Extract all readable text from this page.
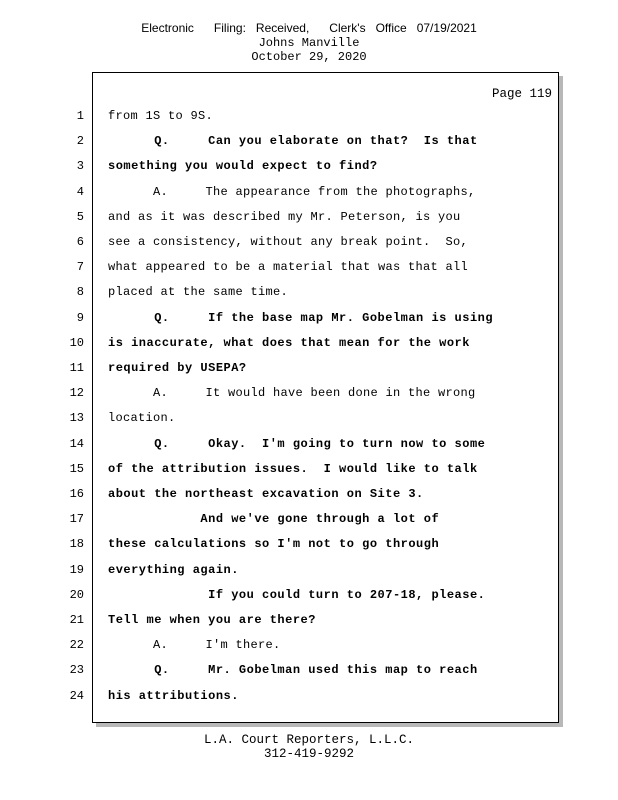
Electronic      Filing:   Received,      Clerk's   Office   07/19/2021
Johns Manville
October 29, 2020
Page 119
1 from 1S to 9S.
2 Q.     Can you elaborate on that?  Is that
3 something you would expect to find?
4 A.     The appearance from the photographs,
5 and as it was described my Mr. Peterson, is you
6 see a consistency, without any break point.  So,
7 what appeared to be a material that was that all
8 placed at the same time.
9 Q.     If the base map Mr. Gobelman is using
10 is inaccurate, what does that mean for the work
11 required by USEPA?
12 A.     It would have been done in the wrong
13 location.
14 Q.     Okay.  I'm going to turn now to some
15 of the attribution issues.  I would like to talk
16 about the northeast excavation on Site 3.
17 And we've gone through a lot of
18 these calculations so I'm not to go through
19 everything again.
20 If you could turn to 207-18, please.
21 Tell me when you are there?
22 A.     I'm there.
23 Q.     Mr. Gobelman used this map to reach
24 his attributions.
L.A. Court Reporters, L.L.C.
312-419-9292
